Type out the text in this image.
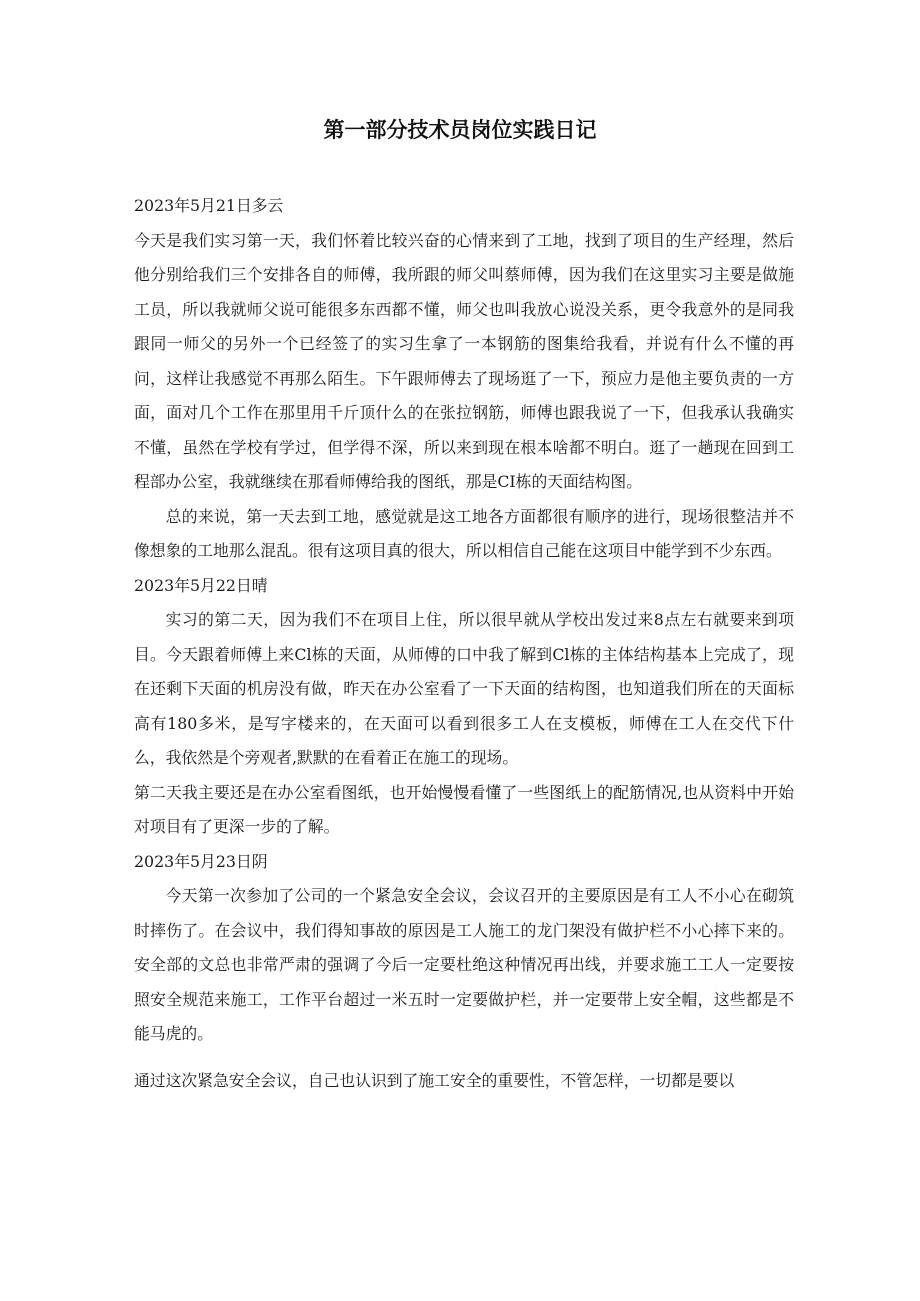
第一部分技术员岗位实践日记

2023年5月21日多云

今天是我们实习第一天，我们怀着比较兴奋的心情来到了工地，找到了项目的生产经理，然后他分别给我们三个安排各自的师傅，我所跟的师父叫蔡师傅，因为我们在这里实习主要是做施工员，所以我就师父说可能很多东西都不懂，师父也叫我放心说没关系，更令我意外的是同我跟同一师父的另外一个已经签了的实习生拿了一本钢筋的图集给我看，并说有什么不懂的再问，这样让我感觉不再那么陌生。下午跟师傅去了现场逛了一下，预应力是他主要负责的一方面，面对几个工作在那里用千斤顶什么的在张拉钢筋，师傅也跟我说了一下，但我承认我确实不懂，虽然在学校有学过，但学得不深，所以来到现在根本啥都不明白。逛了一趟现在回到工程部办公室，我就继续在那看师傅给我的图纸，那是CI栋的天面结构图。

总的来说，第一天去到工地，感觉就是这工地各方面都很有顺序的进行，现场很整洁并不像想象的工地那么混乱。很有这项目真的很大，所以相信自己能在这项目中能学到不少东西。

2023年5月22日晴

实习的第二天，因为我们不在项目上住，所以很早就从学校出发过来8点左右就要来到项目。今天跟着师傅上来Cl栋的天面，从师傅的口中我了解到Cl栋的主体结构基本上完成了，现在还剩下天面的机房没有做，昨天在办公室看了一下天面的结构图，也知道我们所在的天面标高有180多米，是写字楼来的，在天面可以看到很多工人在支模板，师傅在工人在交代下什么，我依然是个旁观者,默默的在看着正在施工的现场。

第二天我主要还是在办公室看图纸，也开始慢慢看懂了一些图纸上的配筋情况,也从资料中开始对项目有了更深一步的了解。

2023年5月23日阴

今天第一次参加了公司的一个紧急安全会议，会议召开的主要原因是有工人不小心在砌筑时摔伤了。在会议中，我们得知事故的原因是工人施工的龙门架没有做护栏不小心摔下来的。安全部的文总也非常严肃的强调了今后一定要杜绝这种情况再出线，并要求施工工人一定要按照安全规范来施工，工作平台超过一米五时一定要做护栏，并一定要带上安全帽，这些都是不能马虎的。

通过这次紧急安全会议，自己也认识到了施工安全的重要性，不管怎样，一切都是要以
